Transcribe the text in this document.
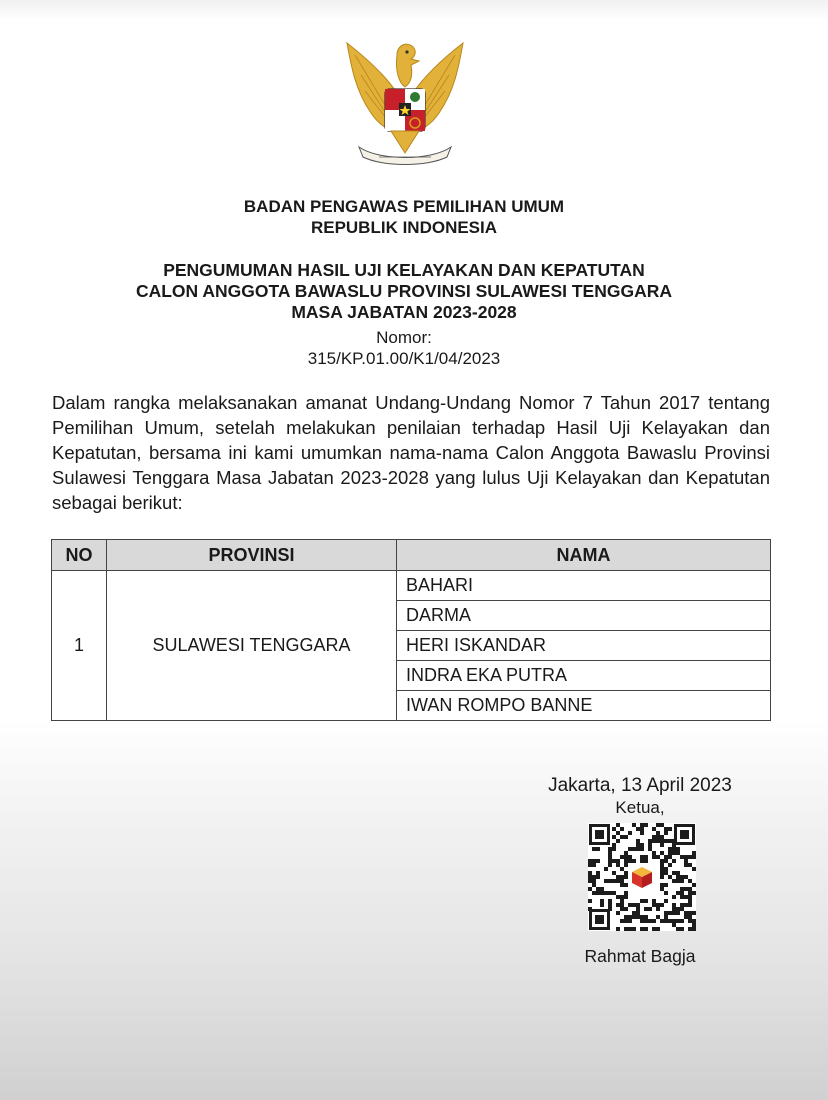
BADAN PENGAWAS PEMILIHAN UMUM
REPUBLIK INDONESIA
PENGUMUMAN HASIL UJI KELAYAKAN DAN KEPATUTAN
CALON ANGGOTA BAWASLU PROVINSI SULAWESI TENGGARA
MASA JABATAN 2023-2028
Nomor:
315/KP.01.00/K1/04/2023

Dalam rangka melaksanakan amanat Undang-Undang Nomor 7 Tahun 2017 tentang Pemilihan Umum, setelah melakukan penilaian terhadap Hasil Uji Kelayakan dan Kepatutan, bersama ini kami umumkan nama-nama Calon Anggota Bawaslu Provinsi Sulawesi Tenggara Masa Jabatan 2023-2028 yang lulus Uji Kelayakan dan Kepatutan sebagai berikut:

NO	PROVINSI	NAMA
1	SULAWESI TENGGARA	BAHARI
		DARMA
		HERI ISKANDAR
		INDRA EKA PUTRA
		IWAN ROMPO BANNE
Jakarta, 13 April 2023
Ketua,
Rahmat Bagja
